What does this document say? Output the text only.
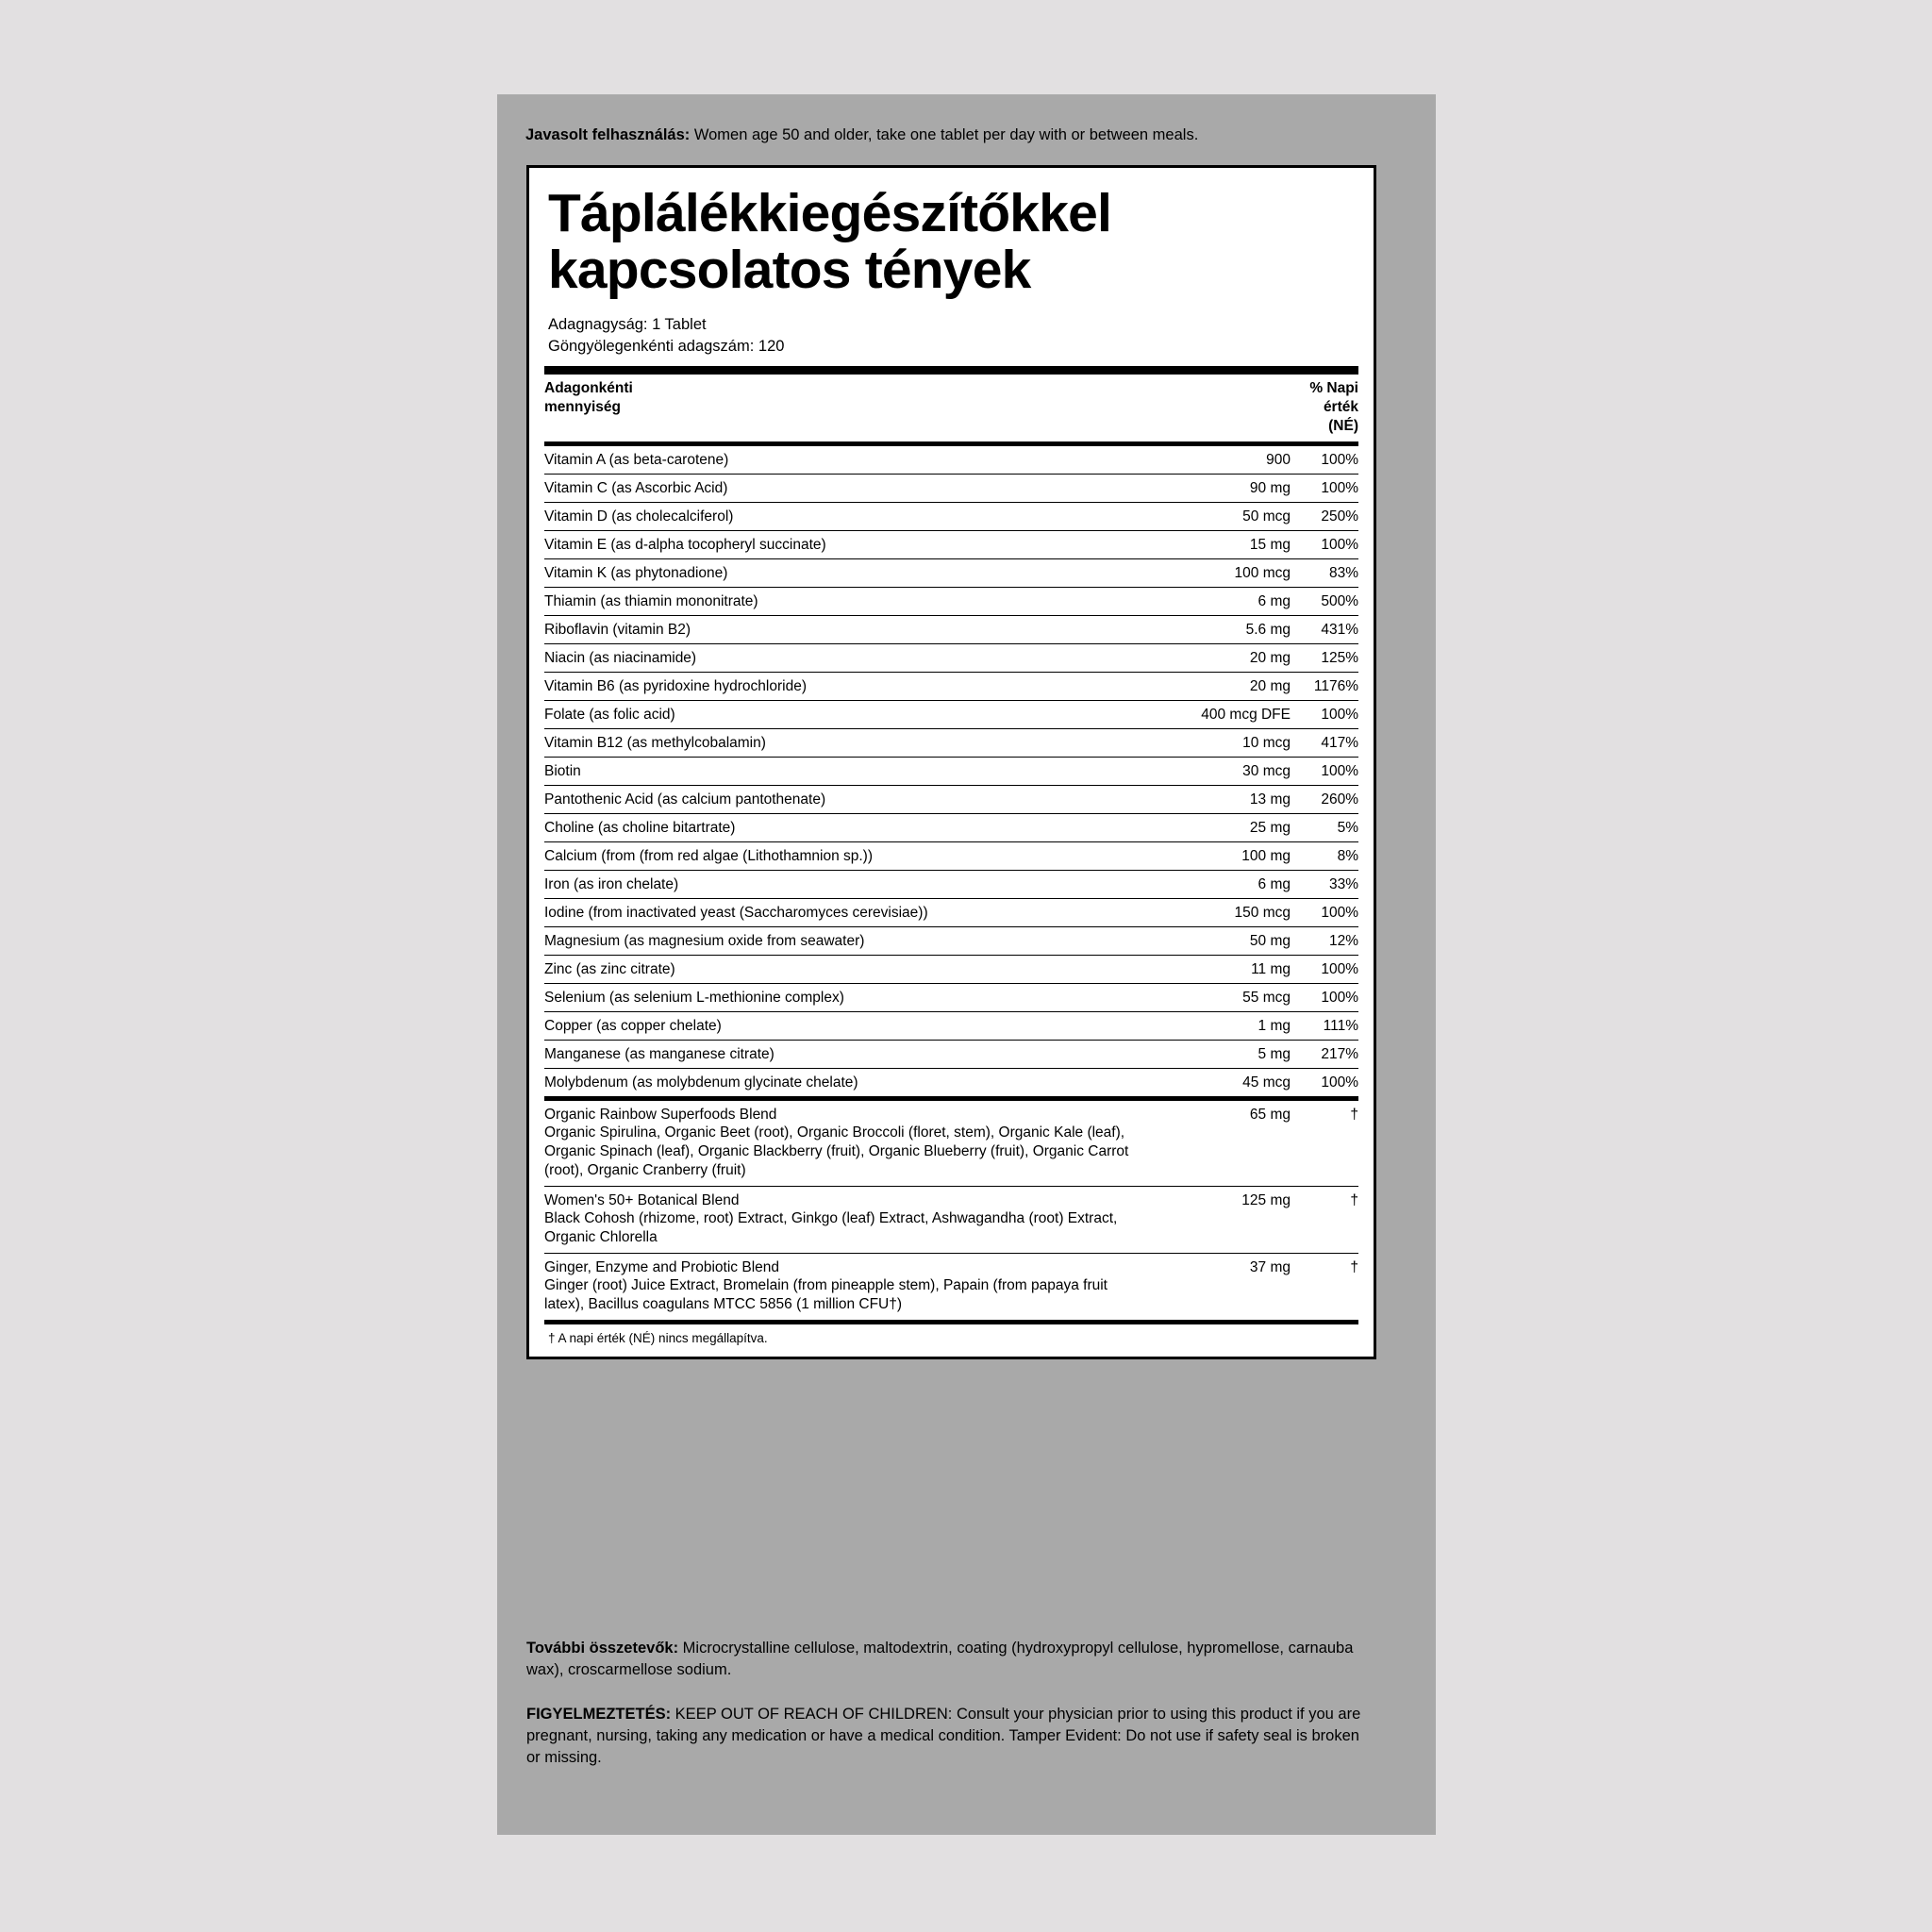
Javasolt felhasználás: Women age 50 and older, take one tablet per day with or between meals.
Táplálékkiegészítőkkel
kapcsolatos tények
Adagnagyság: 1 Tablet
Göngyölegenkénti adagszám: 120
Adagonkénti
mennyiség	% Napi
érték
(NÉ)
Vitamin A (as beta-carotene)	900	100%
Vitamin C (as Ascorbic Acid)	90 mg	100%
Vitamin D (as cholecalciferol)	50 mcg	250%
Vitamin E (as d-alpha tocopheryl succinate)	15 mg	100%
Vitamin K (as phytonadione)	100 mcg	83%
Thiamin (as thiamin mononitrate)	6 mg	500%
Riboflavin (vitamin B2)	5.6 mg	431%
Niacin (as niacinamide)	20 mg	125%
Vitamin B6 (as pyridoxine hydrochloride)	20 mg	1176%
Folate (as folic acid)	400 mcg DFE	100%
Vitamin B12 (as methylcobalamin)	10 mcg	417%
Biotin	30 mcg	100%
Pantothenic Acid (as calcium pantothenate)	13 mg	260%
Choline (as choline bitartrate)	25 mg	5%
Calcium (from (from red algae (Lithothamnion sp.))	100 mg	8%
Iron (as iron chelate)	6 mg	33%
Iodine (from inactivated yeast (Saccharomyces cerevisiae))	150 mcg	100%
Magnesium (as magnesium oxide from seawater)	50 mg	12%
Zinc (as zinc citrate)	11 mg	100%
Selenium (as selenium L-methionine complex)	55 mcg	100%
Copper (as copper chelate)	1 mg	111%
Manganese (as manganese citrate)	5 mg	217%
Molybdenum (as molybdenum glycinate chelate)	45 mcg	100%
Organic Rainbow Superfoods Blend
Organic Spirulina, Organic Beet (root), Organic Broccoli (floret, stem), Organic Kale (leaf), Organic Spinach (leaf), Organic Blackberry (fruit), Organic Blueberry (fruit), Organic Carrot (root), Organic Cranberry (fruit)	65 mg	†

Women's 50+ Botanical Blend
Black Cohosh (rhizome, root) Extract, Ginkgo (leaf) Extract, Ashwagandha (root) Extract, Organic Chlorella	125 mg	†

Ginger, Enzyme and Probiotic Blend
Ginger (root) Juice Extract, Bromelain (from pineapple stem), Papain (from papaya fruit latex), Bacillus coagulans MTCC 5856 (1 million CFU†)	37 mg	†
† A napi érték (NÉ) nincs megállapítva.
További összetevők: Microcrystalline cellulose, maltodextrin, coating (hydroxypropyl cellulose, hypromellose, carnauba wax), croscarmellose sodium.
FIGYELMEZTETÉS: KEEP OUT OF REACH OF CHILDREN: Consult your physician prior to using this product if you are pregnant, nursing, taking any medication or have a medical condition. Tamper Evident: Do not use if safety seal is broken or missing.
